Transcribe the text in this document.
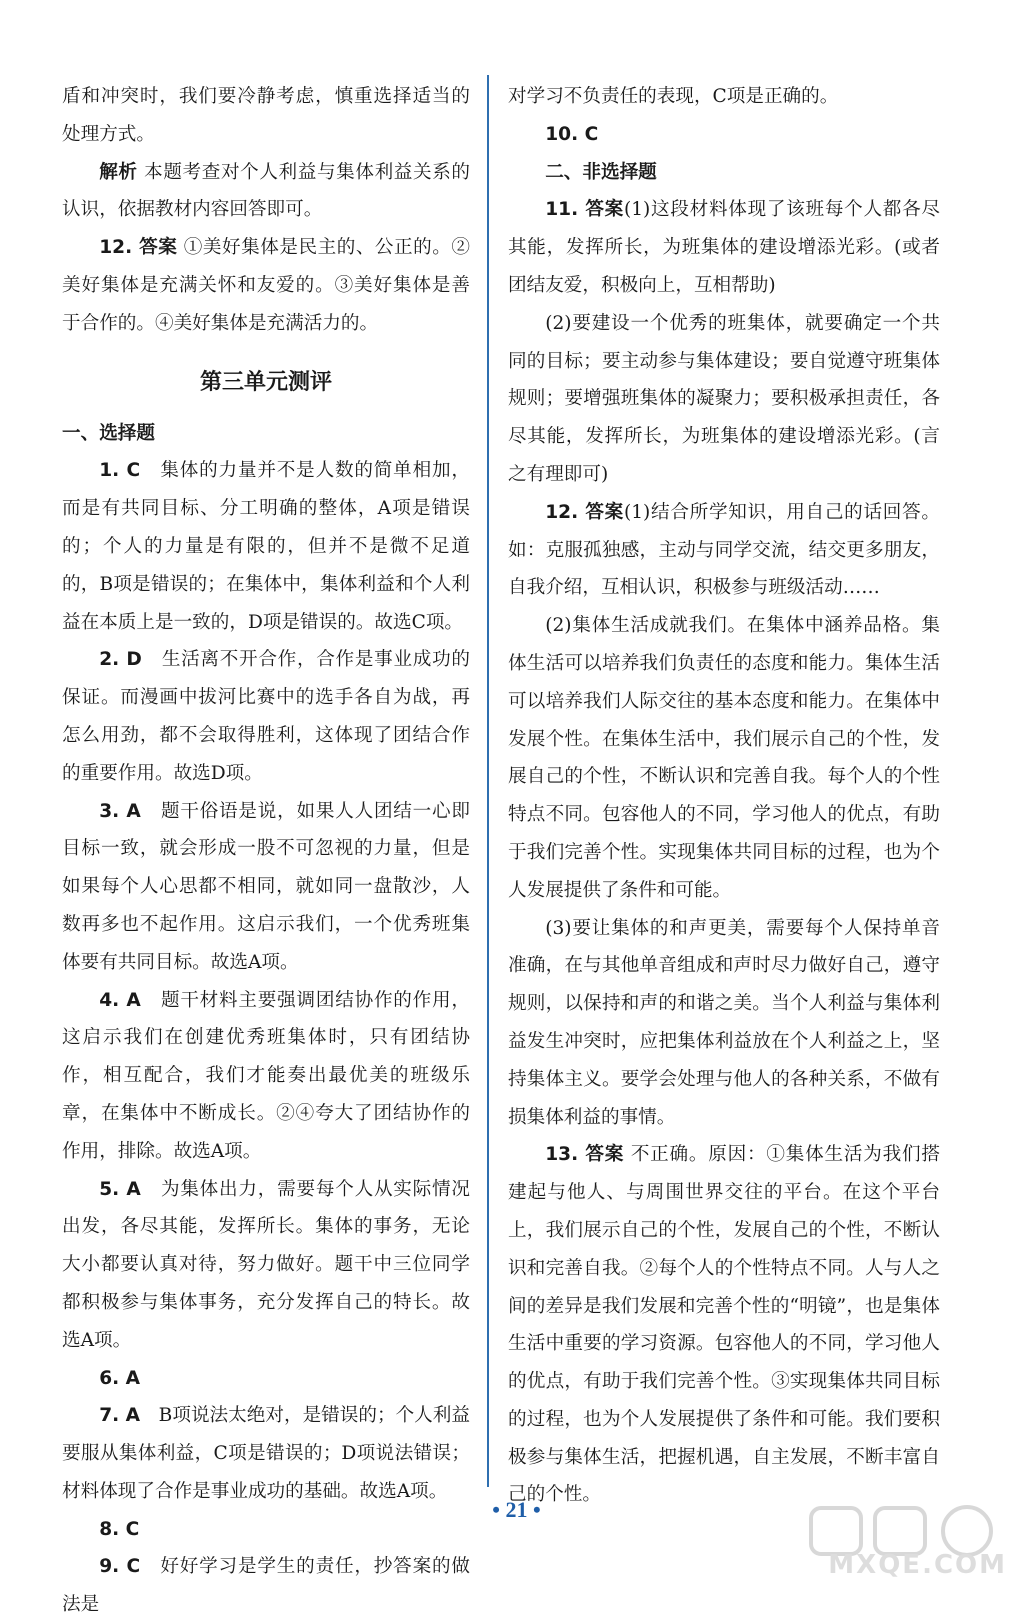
盾和冲突时，我们要冷静考虑，慎重选择适当的处理方式。

解析 本题考查对个人利益与集体利益关系的认识，依据教材内容回答即可。

12. 答案 ①美好集体是民主的、公正的。②美好集体是充满关怀和友爱的。③美好集体是善于合作的。④美好集体是充满活力的。

第三单元测评

一、选择题

1. C　集体的力量并不是人数的简单相加，而是有共同目标、分工明确的整体，A项是错误的；个人的力量是有限的，但并不是微不足道的，B项是错误的；在集体中，集体利益和个人利益在本质上是一致的，D项是错误的。故选C项。

2. D　生活离不开合作，合作是事业成功的保证。而漫画中拔河比赛中的选手各自为战，再怎么用劲，都不会取得胜利，这体现了团结合作的重要作用。故选D项。

3. A　题干俗语是说，如果人人团结一心即目标一致，就会形成一股不可忽视的力量，但是如果每个人心思都不相同，就如同一盘散沙，人数再多也不起作用。这启示我们，一个优秀班集体要有共同目标。故选A项。

4. A　题干材料主要强调团结协作的作用，这启示我们在创建优秀班集体时，只有团结协作，相互配合，我们才能奏出最优美的班级乐章，在集体中不断成长。②④夸大了团结协作的作用，排除。故选A项。

5. A　为集体出力，需要每个人从实际情况出发，各尽其能，发挥所长。集体的事务，无论大小都要认真对待，努力做好。题干中三位同学都积极参与集体事务，充分发挥自己的特长。故选A项。

6. A

7. A　B项说法太绝对，是错误的；个人利益要服从集体利益，C项是错误的；D项说法错误；材料体现了合作是事业成功的基础。故选A项。

8. C

9. C　好好学习是学生的责任，抄答案的做法是

对学习不负责任的表现，C项是正确的。

10. C

二、非选择题

11. 答案(1)这段材料体现了该班每个人都各尽其能，发挥所长，为班集体的建设增添光彩。(或者团结友爱，积极向上，互相帮助)

(2)要建设一个优秀的班集体，就要确定一个共同的目标；要主动参与集体建设；要自觉遵守班集体规则；要增强班集体的凝聚力；要积极承担责任，各尽其能，发挥所长，为班集体的建设增添光彩。(言之有理即可)

12. 答案(1)结合所学知识，用自己的话回答。如：克服孤独感，主动与同学交流，结交更多朋友，自我介绍，互相认识，积极参与班级活动……

(2)集体生活成就我们。在集体中涵养品格。集体生活可以培养我们负责任的态度和能力。集体生活可以培养我们人际交往的基本态度和能力。在集体中发展个性。在集体生活中，我们展示自己的个性，发展自己的个性，不断认识和完善自我。每个人的个性特点不同。包容他人的不同，学习他人的优点，有助于我们完善个性。实现集体共同目标的过程，也为个人发展提供了条件和可能。

(3)要让集体的和声更美，需要每个人保持单音准确，在与其他单音组成和声时尽力做好自己，遵守规则，以保持和声的和谐之美。当个人利益与集体利益发生冲突时，应把集体利益放在个人利益之上，坚持集体主义。要学会处理与他人的各种关系，不做有损集体利益的事情。

13. 答案 不正确。原因：①集体生活为我们搭建起与他人、与周围世界交往的平台。在这个平台上，我们展示自己的个性，发展自己的个性，不断认识和完善自我。②每个人的个性特点不同。人与人之间的差异是我们发展和完善个性的“明镜”，也是集体生活中重要的学习资源。包容他人的不同，学习他人的优点，有助于我们完善个性。③实现集体共同目标的过程，也为个人发展提供了条件和可能。我们要积极参与集体生活，把握机遇，自主发展，不断丰富自己的个性。

• 21 •
MXQE.COM
